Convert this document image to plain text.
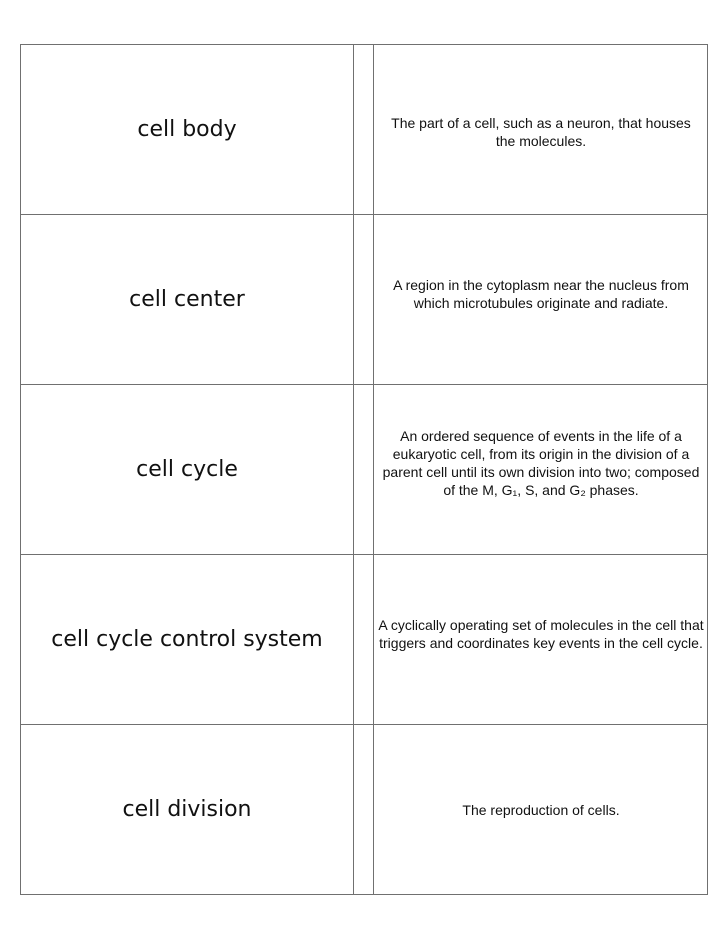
cell body	The part of a cell, such as a neuron, that houses the molecules.
cell center
A region in the cytoplasm near the nucleus from which microtubules originate and radiate.
cell cycle
An ordered sequence of events in the life of a eukaryotic cell, from its origin in the division of a parent cell until its own division into two; composed of the M, G₁, S, and G₂ phases.
cell cycle control system
A cyclically operating set of molecules in the cell that triggers and coordinates key events in the cell cycle.
cell division	The reproduction of cells.
